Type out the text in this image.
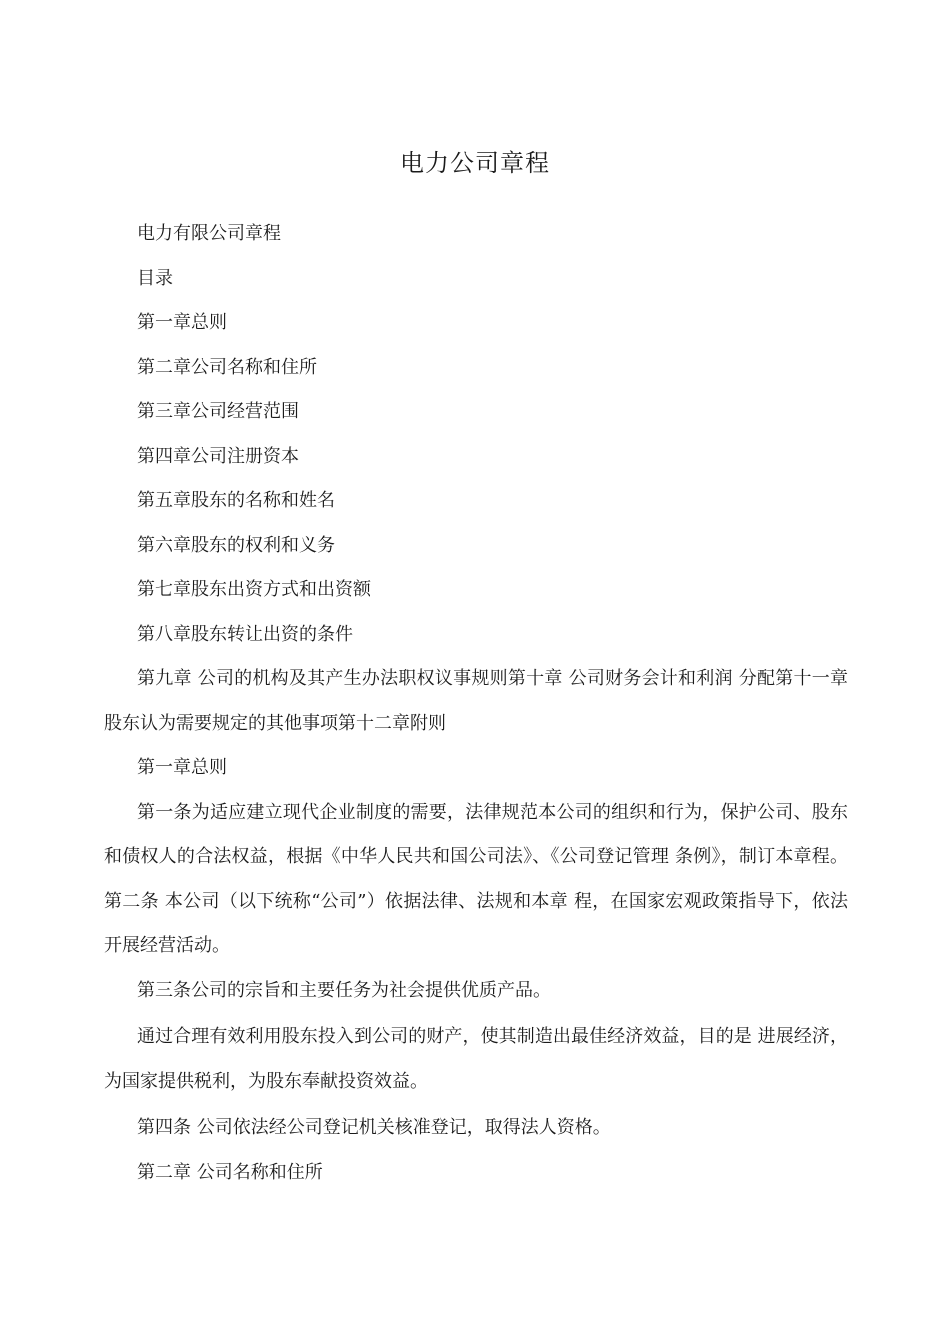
电力公司章程

电力有限公司章程

目录

第一章总则

第二章公司名称和住所

第三章公司经营范围

第四章公司注册资本

第五章股东的名称和姓名

第六章股东的权利和义务

第七章股东出资方式和出资额

第八章股东转让出资的条件

第九章 公司的机构及其产生办法职权议事规则第十章 公司财务会计和利润 分配第十一章股东认为需要规定的其他事项第十二章附则

第一章总则

第一条为适应建立现代企业制度的需要，法律规范本公司的组织和行为，保护公司、股东和债权人的合法权益，根据《中华人民共和国公司法》、《公司登记管理 条例》，制订本章程。第二条 本公司（以下统称“公司”）依据法律、法规和本章 程，在国家宏观政策指导下，依法开展经营活动。

第三条公司的宗旨和主要任务为社会提供优质产品。

通过合理有效利用股东投入到公司的财产，使其制造出最佳经济效益，目的是 进展经济，为国家提供税利，为股东奉献投资效益。

第四条 公司依法经公司登记机关核准登记，取得法人资格。

第二章 公司名称和住所
